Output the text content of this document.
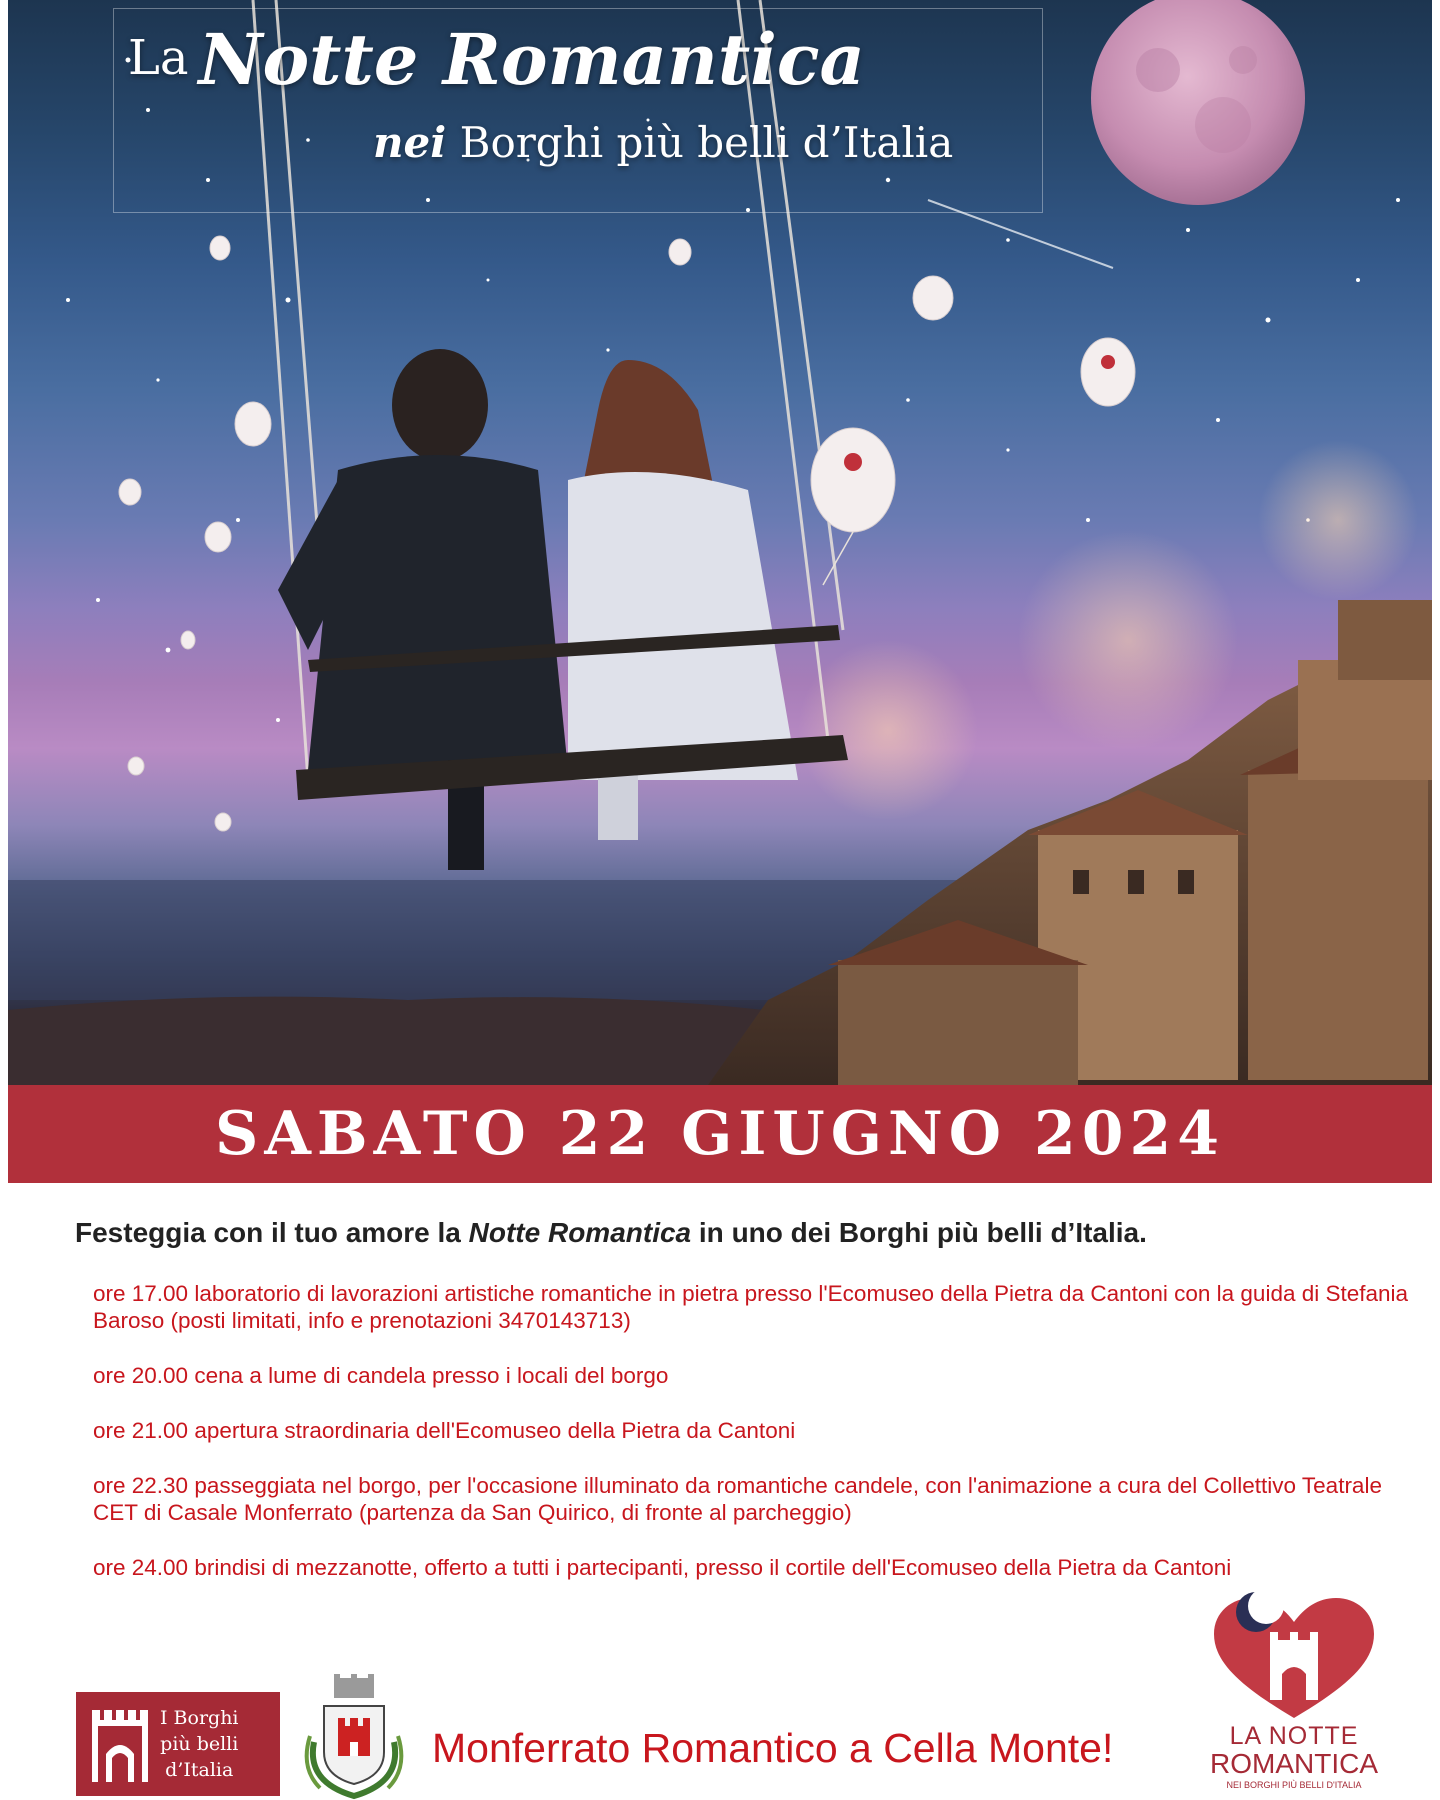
La Notte Romantica
nei Borghi più belli d’Italia
SABATO 22 GIUGNO 2024
Festeggia con il tuo amore la Notte Romantica in uno dei Borghi più belli d’Italia.

ore 17.00 laboratorio di lavorazioni artistiche romantiche in pietra presso l'Ecomuseo della Pietra da Cantoni con la guida di Stefania Baroso (posti limitati, info e prenotazioni 3470143713)

ore 20.00 cena a lume di candela presso i locali del borgo

ore 21.00 apertura straordinaria dell'Ecomuseo della Pietra da Cantoni

ore 22.30 passeggiata nel borgo, per l'occasione illuminato da romantiche candele, con l'animazione a cura del Collettivo Teatrale CET di Casale Monferrato (partenza da San Quirico, di fronte al parcheggio)

ore 24.00 brindisi di mezzanotte, offerto a tutti i partecipanti, presso il cortile dell'Ecomuseo della Pietra da Cantoni

I Borghi
più belli
d’Italia	Monferrato Romantico a Cella Monte!	LA NOTTE
ROMANTICA
NEI BORGHI PIÙ BELLI D'ITALIA
